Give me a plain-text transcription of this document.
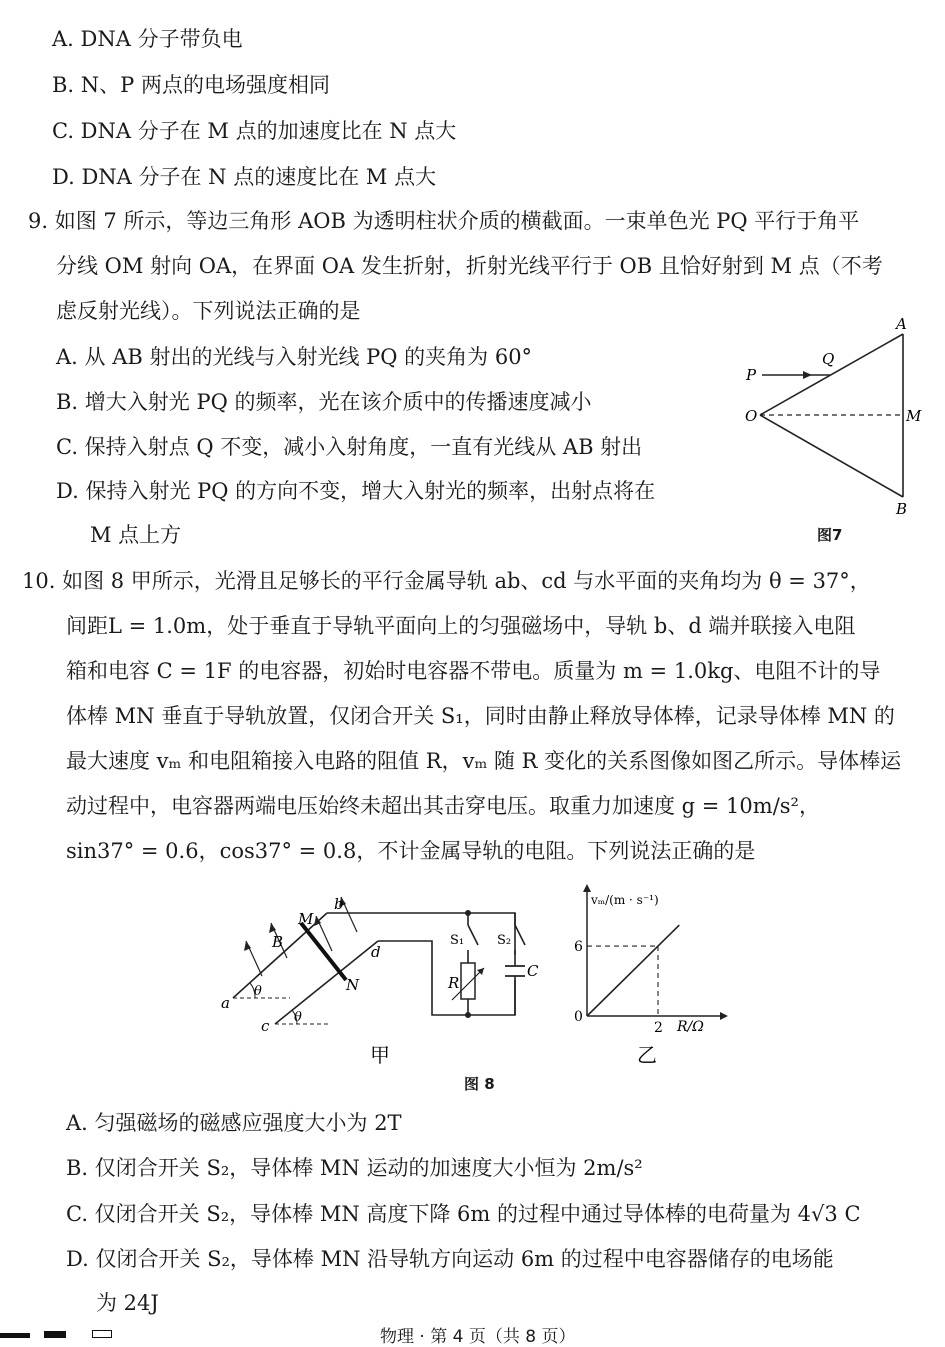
A. DNA 分子带负电
B. N、P 两点的电场强度相同
C. DNA 分子在 M 点的加速度比在 N 点大
D. DNA 分子在 N 点的速度比在 M 点大
9. 如图 7 所示，等边三角形 AOB 为透明柱状介质的横截面。一束单色光 PQ 平行于角平
分线 OM 射向 OA，在界面 OA 发生折射，折射光线平行于 OB 且恰好射到 M 点（不考
虑反射光线）。下列说法正确的是
A. 从 AB 射出的光线与入射光线 PQ 的夹角为 60°
B. 增大入射光 PQ 的频率，光在该介质中的传播速度减小
C. 保持入射点 Q 不变，减小入射角度，一直有光线从 AB 射出
D. 保持入射光 PQ 的方向不变，增大入射光的频率，出射点将在
M 点上方
A
B
O	M
P
Q
图7
10. 如图 8 甲所示，光滑且足够长的平行金属导轨 ab、cd 与水平面的夹角均为 θ = 37°，
间距L = 1.0m，处于垂直于导轨平面向上的匀强磁场中，导轨 b、d 端并联接入电阻
箱和电容 C = 1F 的电容器，初始时电容器不带电。质量为 m = 1.0kg、电阻不计的导
体棒 MN 垂直于导轨放置，仅闭合开关 S₁，同时由静止释放导体棒，记录导体棒 MN 的
最大速度 vₘ 和电阻箱接入电路的阻值 R，vₘ 随 R 变化的关系图像如图乙所示。导体棒运
动过程中，电容器两端电压始终未超出其击穿电压。取重力加速度 g = 10m/s²，
sin37° = 0.6，cos37° = 0.8，不计金属导轨的电阻。下列说法正确的是
a
b
c
d
M
N
B
θ
θ
S₁	S₂
R
C
甲
vₘ/(m · s⁻¹)
R/Ω
0
6
2
乙
图 8
A. 匀强磁场的磁感应强度大小为 2T
B. 仅闭合开关 S₂，导体棒 MN 运动的加速度大小恒为 2m/s²
C. 仅闭合开关 S₂，导体棒 MN 高度下降 6m 的过程中通过导体棒的电荷量为 4√3 C
D. 仅闭合开关 S₂，导体棒 MN 沿导轨方向运动 6m 的过程中电容器储存的电场能
为 24J
物理 · 第 4 页（共 8 页）
